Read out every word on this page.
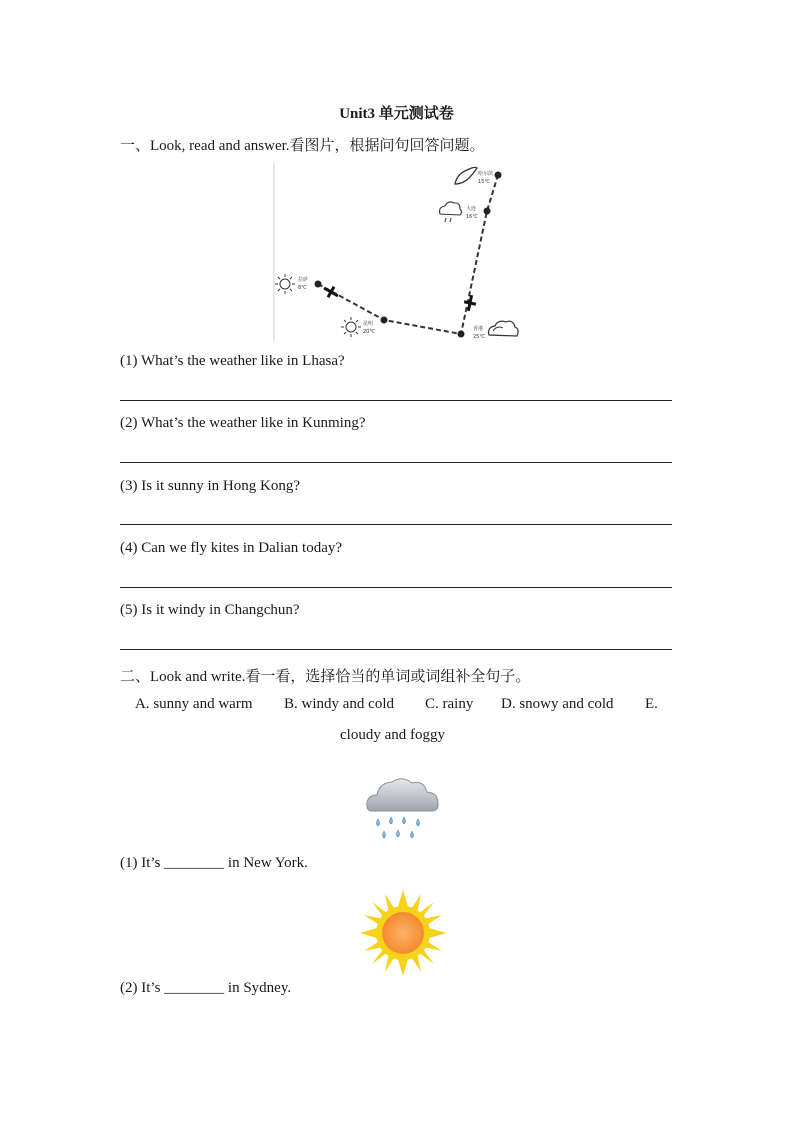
Unit3 单元测试卷
一、Look, read and answer.看图片，根据问句回答问题。
拉萨
8℃
昆明
20℃	香港
25℃
大连
16℃
哈尔滨
15℃
(1) What’s the weather like in Lhasa?
(2) What’s the weather like in Kunming?
(3) Is it sunny in Hong Kong?
(4) Can we fly kites in Dalian today?
(5) Is it windy in Changchun?
二、Look and write.看一看，选择恰当的单词或词组补全句子。
A. sunny and warm B. windy and cold C. rainy D. snowy and cold E.
cloudy and foggy
(1) It’s ________ in New York.
(2) It’s ________ in Sydney.
